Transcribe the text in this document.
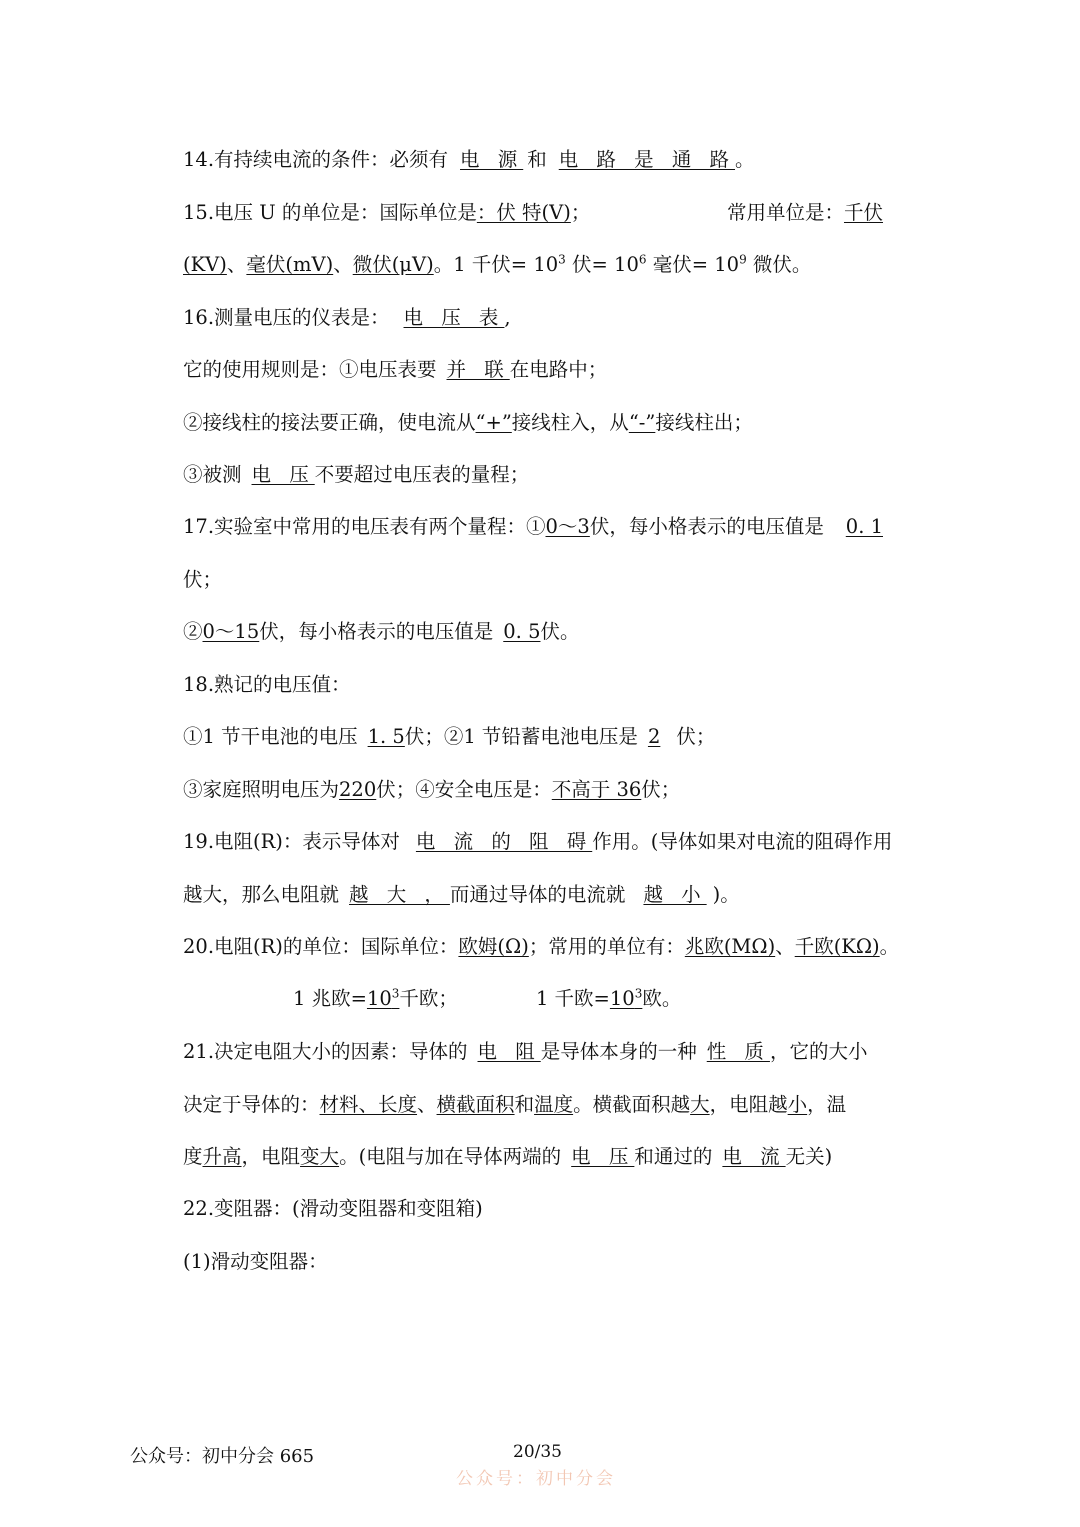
14.有持续电流的条件：必须有 电 源 和 电 路 是 通 路。
15.电压 U 的单位是：国际单位是：伏 特(V)；	常用单位是：千伏
(KV)、毫伏(mV)、微伏(μV)。1 千伏= $10^3$ 伏= $10^6$ 毫伏= $10^9$ 微伏。
16.测量电压的仪表是： 电 压 表,
它的使用规则是：①电压表要 并 联在电路中；
②接线柱的接法要正确，使电流从“+”接线柱入，从“-”接线柱出；
③被测 电 压不要超过电压表的量程；
17.实验室中常用的电压表有两个量程：①0～3伏，每小格表示的电压值是 0. 1
伏；
②0～15伏，每小格表示的电压值是 0. 5伏。
18.熟记的电压值：
①1 节干电池的电压 1. 5伏；②1 节铅蓄电池电压是 2 伏；
③家庭照明电压为220伏；④安全电压是：不高于 36伏；
19.电阻(R)：表示导体对 电 流 的 阻 碍作用。(导体如果对电流的阻碍作用
越大，那么电阻就 越 大 ，而通过导体的电流就 越 小 )。
20.电阻(R)的单位：国际单位：欧姆(Ω)；常用的单位有：兆欧(MΩ)、千欧(KΩ)。
1 兆欧$=10^3$千欧；	1 千欧$=10^3$欧。
21.决定电阻大小的因素：导体的 电 阻是导体本身的一种 性 质，它的大小
决定于导体的：材料、长度、横截面积和温度。横截面积越大，电阻越小，温
度升高，电阻变大。(电阻与加在导体两端的 电 压和通过的 电 流无关)
22.变阻器：(滑动变阻器和变阻箱)
(1)滑动变阻器：
公众号：初中分会 665	20/35
公众号：初中分会
